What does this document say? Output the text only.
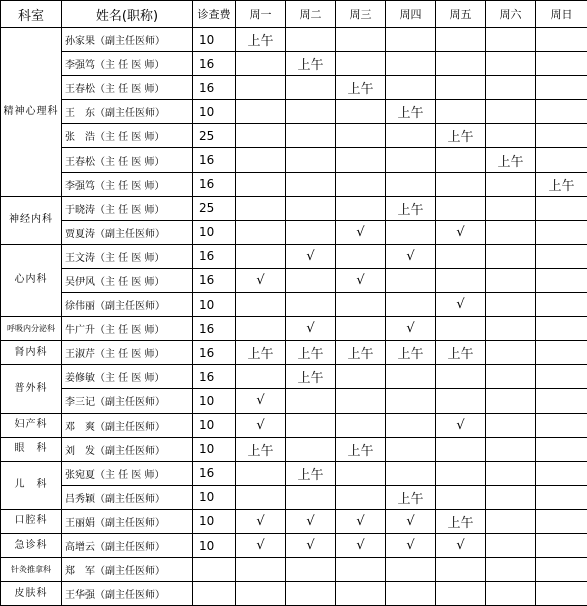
科室	姓名(职称)	诊查费	周一	周二	周三	周四	周五	周六	周日
精神心理科	孙家果（副主任医师）	10	上午						
	李强笃（主 任 医 师）	16		上午					
	王春松（主 任 医 师）	16			上午				
	王　东（副主任医师）	10				上午			
	张　浩（主 任 医 师）	25					上午		
	王春松（主 任 医 师）	16						上午	
	李强笃（主 任 医 师）	16							上午
神经内科	于晓涛（主 任 医 师）	25				上午			
	贾夏涛（副主任医师）	10			√		√		
心内科	王文涛（主 任 医 师）	16		√		√			
	吴伊风（主 任 医 师）	16	√		√				
	徐伟丽（副主任医师）	10					√		
呼吸内分泌科	牛广升（主 任 医 师）	16		√		√			
肾内科	王淑芹（主 任 医 师）	16	上午	上午	上午	上午	上午		
普外科	姜修敏（主 任 医 师）	16		上午					
	李三记（副主任医师）	10	√						
妇产科	邓　爽（副主任医师）	10	√				√		
眼　科	刘　发（副主任医师）	10	上午		上午				
儿　科	张宛夏（主 任 医 师）	16		上午					
	吕秀颖（副主任医师）	10				上午			
口腔科	王丽娟（副主任医师）	10	√	√	√	√	上午		
急诊科	高增云（副主任医师）	10	√	√	√	√	√		
针灸推拿科	郑　军（副主任医师）								
皮肤科	王华强（副主任医师）								
